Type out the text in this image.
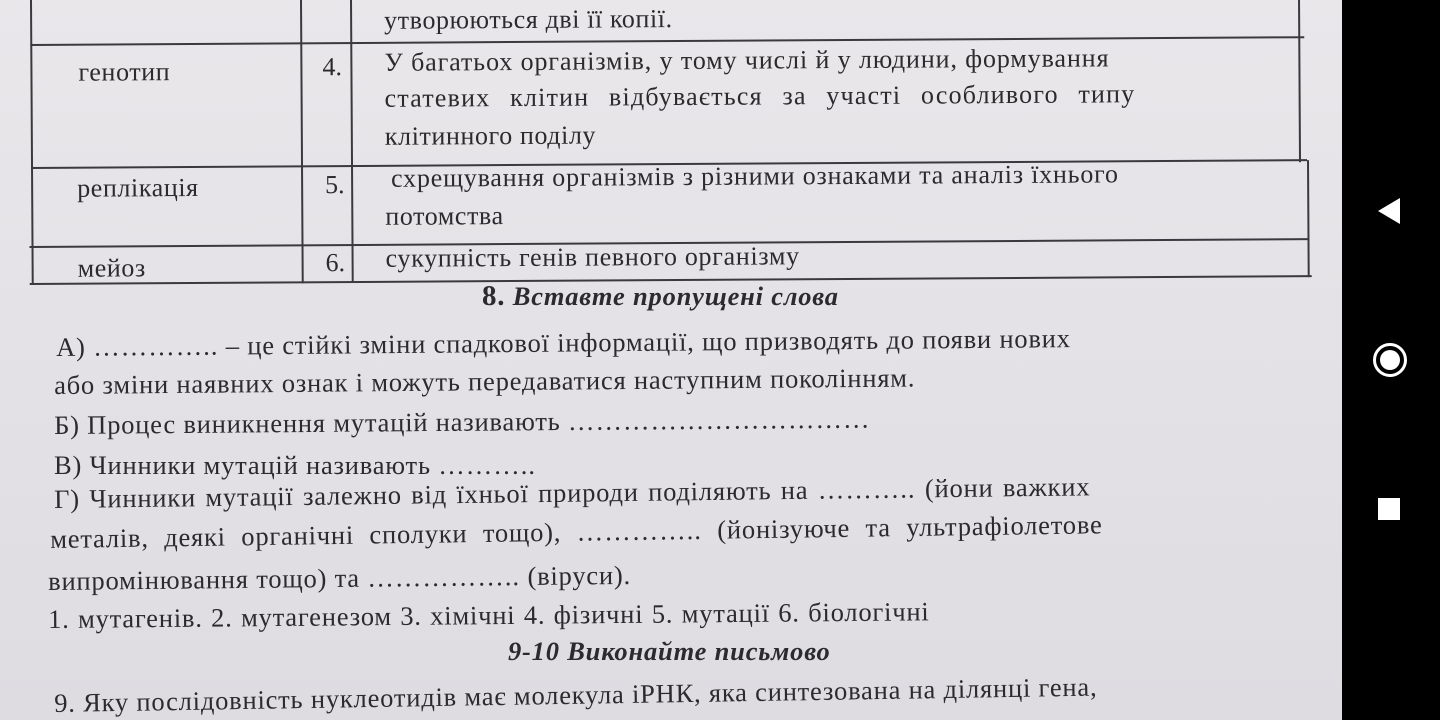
утворюються дві її копії.
генотип	4. У багатьох організмів, у тому числі й у людини, формування
статевих клітин відбувається за участі особливого типу
клітинного поділу
реплікація	5. схрещування організмів з різними ознаками та аналіз їхнього
потомства
мейоз	6. сукупність генів певного організму
8. Вставте пропущені слова
А) ………….. – це стійкі зміни спадкової інформації, що призводять до появи нових
або зміни наявних ознак і можуть передаватися наступним поколінням.
Б) Процес виникнення мутацій називають ……………………………
В) Чинники мутацій називають ………..
Г) Чинники мутації залежно від їхньої природи поділяють на ……….. (йони важких
металів, деякі органічні сполуки тощо), ………….. (йонізуюче та ультрафіолетове
випромінювання тощо) та …………….. (віруси).
1. мутагенів. 2. мутагенезом 3. хімічні 4. фізичні 5. мутації 6. біологічні
9-10 Виконайте письмово
9. Яку послідовність нуклеотидів має молекула іРНК, яка синтезована на ділянці гена,
